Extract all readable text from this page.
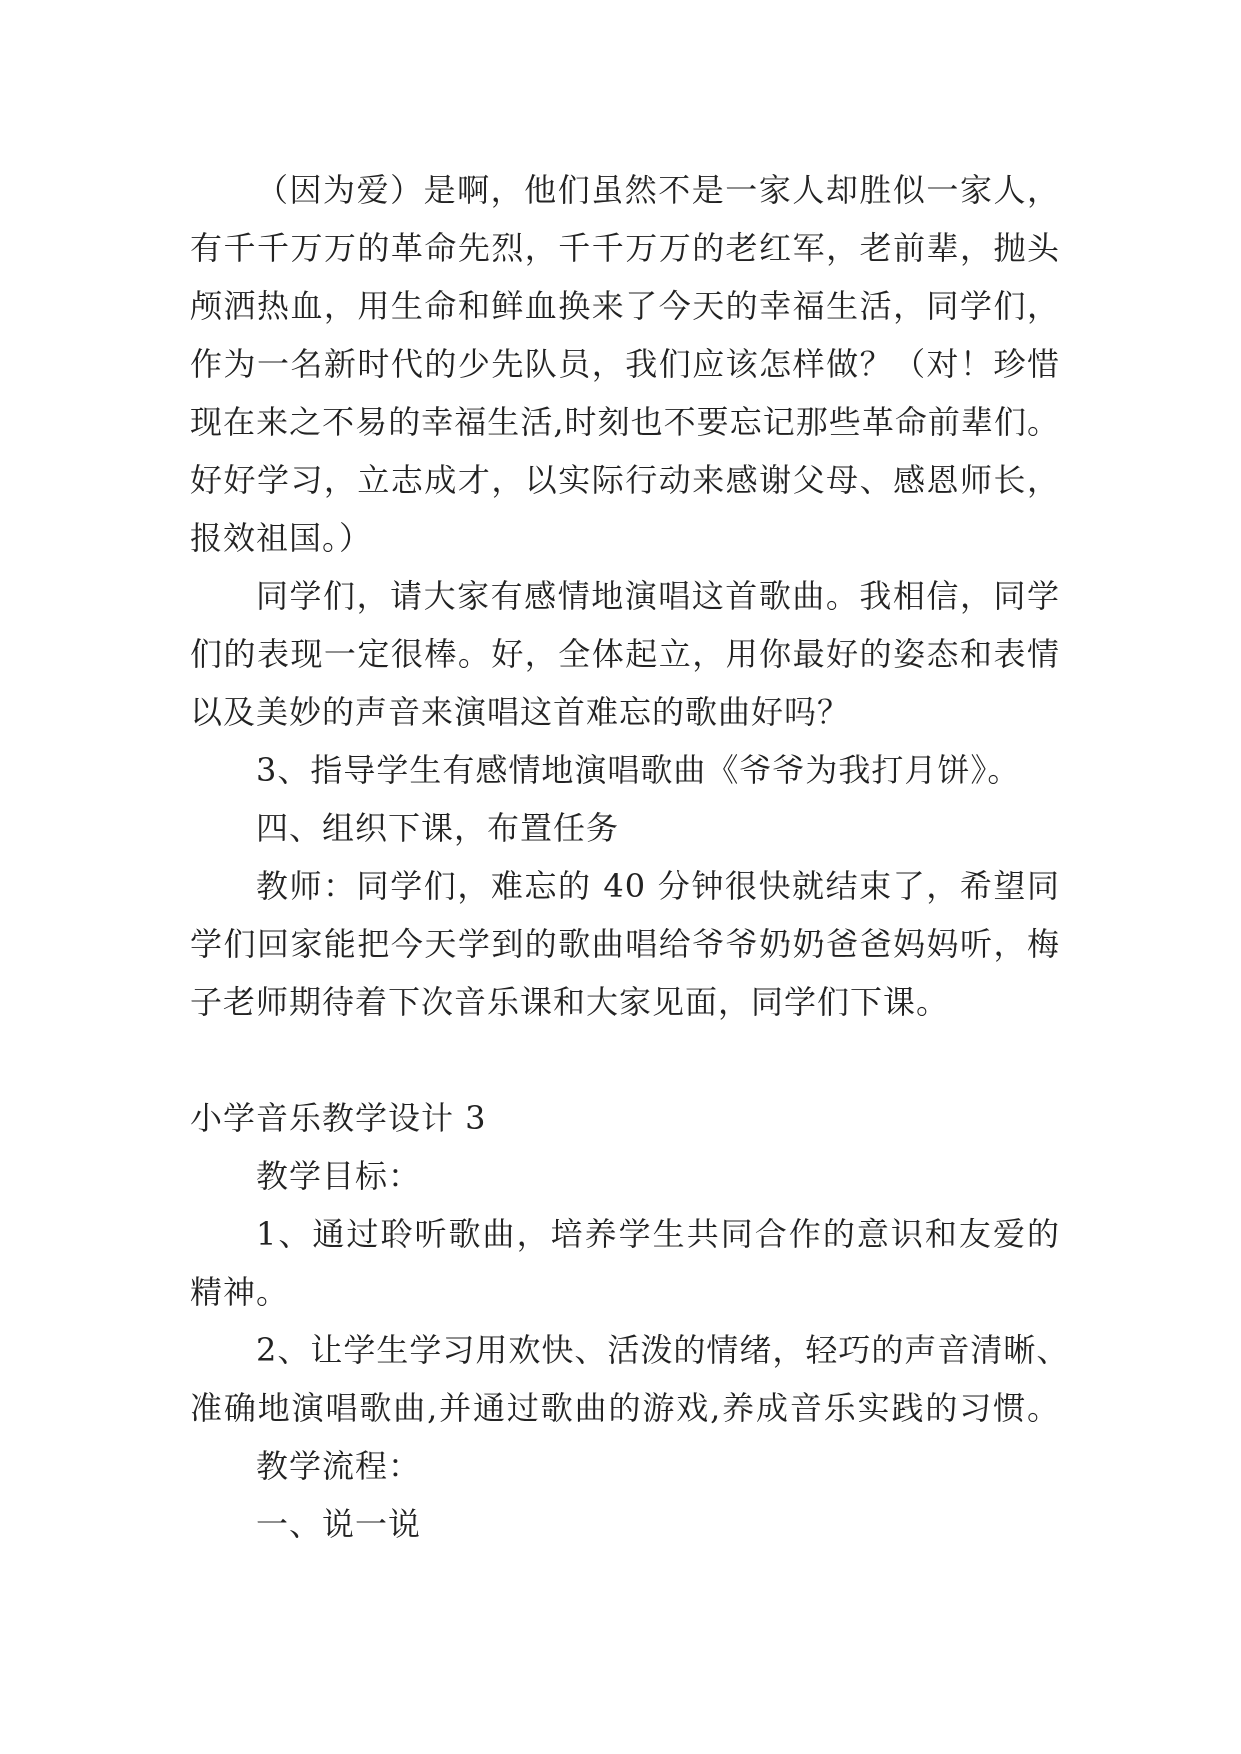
（因为爱）是啊，他们虽然不是一家人却胜似一家人，
有千千万万的革命先烈，千千万万的老红军，老前辈，抛头
颅洒热血，用生命和鲜血换来了今天的幸福生活，同学们，
作为一名新时代的少先队员，我们应该怎样做？（对！珍惜
现在来之不易的幸福生活,时刻也不要忘记那些革命前辈们。
好好学习，立志成才，以实际行动来感谢父母、感恩师长，
报效祖国。）
同学们，请大家有感情地演唱这首歌曲。我相信，同学
们的表现一定很棒。好，全体起立，用你最好的姿态和表情
以及美妙的声音来演唱这首难忘的歌曲好吗？
3、指导学生有感情地演唱歌曲《爷爷为我打月饼》。
四、组织下课，布置任务
教师：同学们，难忘的 40 分钟很快就结束了，希望同
学们回家能把今天学到的歌曲唱给爷爷奶奶爸爸妈妈听，梅
子老师期待着下次音乐课和大家见面，同学们下课。
小学音乐教学设计 3
教学目标：
1、通过聆听歌曲，培养学生共同合作的意识和友爱的
精神。
2、让学生学习用欢快、活泼的情绪，轻巧的声音清晰、
准确地演唱歌曲,并通过歌曲的游戏,养成音乐实践的习惯。
教学流程：
一、说一说
